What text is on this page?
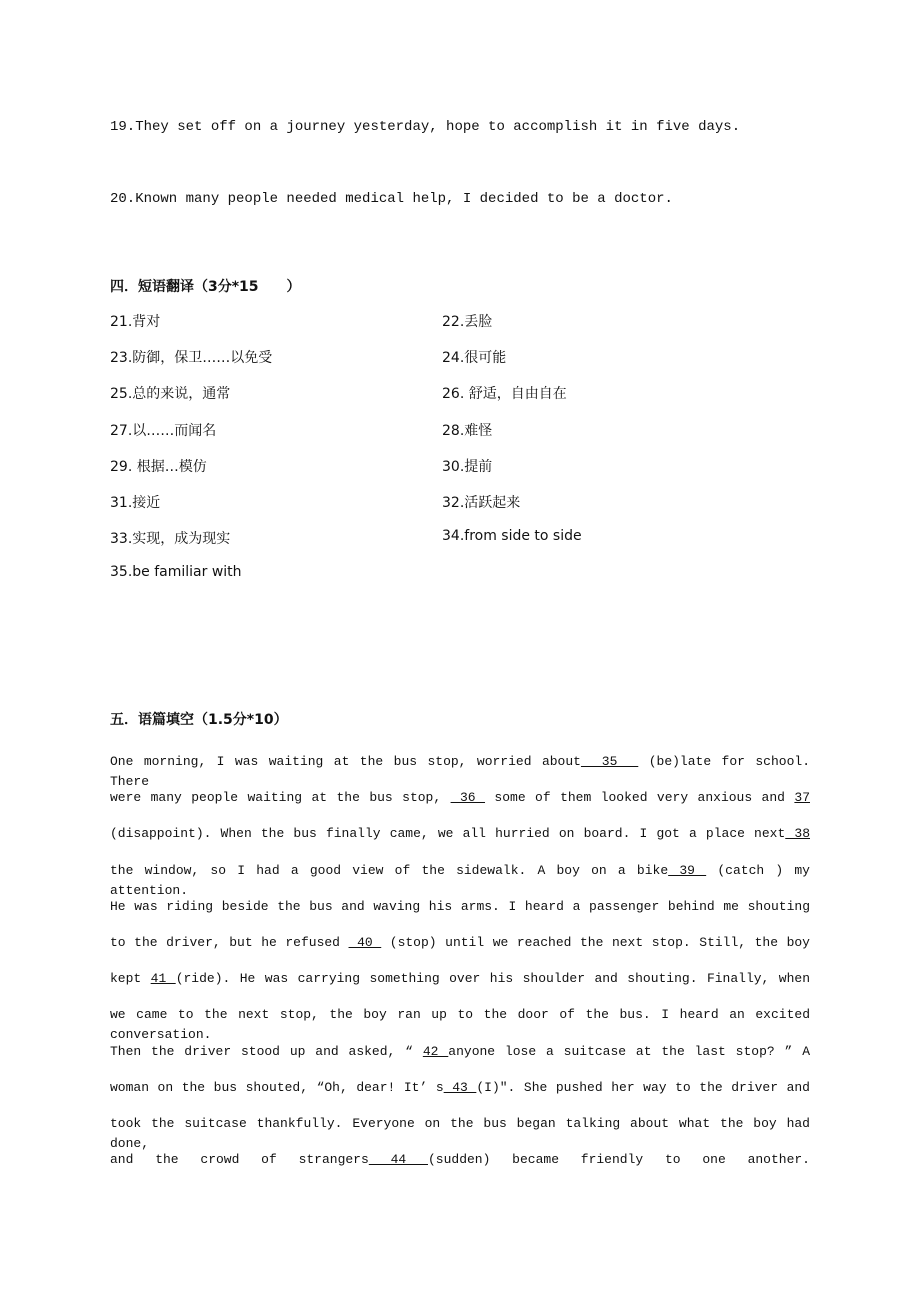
19.They set off on a journey yesterday, hope to accomplish it in five days.
20.Known many people needed medical help, I decided to be a doctor.
四．短语翻译（3分*15　　）
21.背对	22.丢脸
23.防御，保卫……以免受	24.很可能
25.总的来说，通常	26. 舒适，自由自在
27.以……而闻名	28.难怪
29. 根据…模仿	30.提前
31.接近	32.活跃起来
33.实现，成为现实	34.from side to side
35.be familiar with
五．语篇填空（1.5分*10）
One morning, I was waiting at the bus stop, worried about  35   (be)late for school. There
were many people waiting at the bus stop,  36  some of them looked very anxious and 37
(disappoint). When the bus finally came, we all hurried on board. I got a place next 38
the window, so I had a good view of the sidewalk. A boy on a bike 39  (catch ) my attention.
He was riding beside the bus and waving his arms. I heard a passenger behind me shouting
to the driver, but he refused  40  (stop) until we reached the next stop. Still, the boy
kept 41 (ride). He was carrying something over his shoulder and shouting. Finally, when
we came to the next stop, the boy ran up to the door of the bus. I heard an excited conversation.
Then the driver stood up and asked, “ 42 anyone lose a suitcase at the last stop? ” A
woman on the bus shouted, “Oh, dear! It’ s 43 (I)″. She pushed her way to the driver and
took the suitcase thankfully. Everyone on the bus began talking about what the boy had done,
and the crowd of strangers 44 (sudden) became friendly to one another.
